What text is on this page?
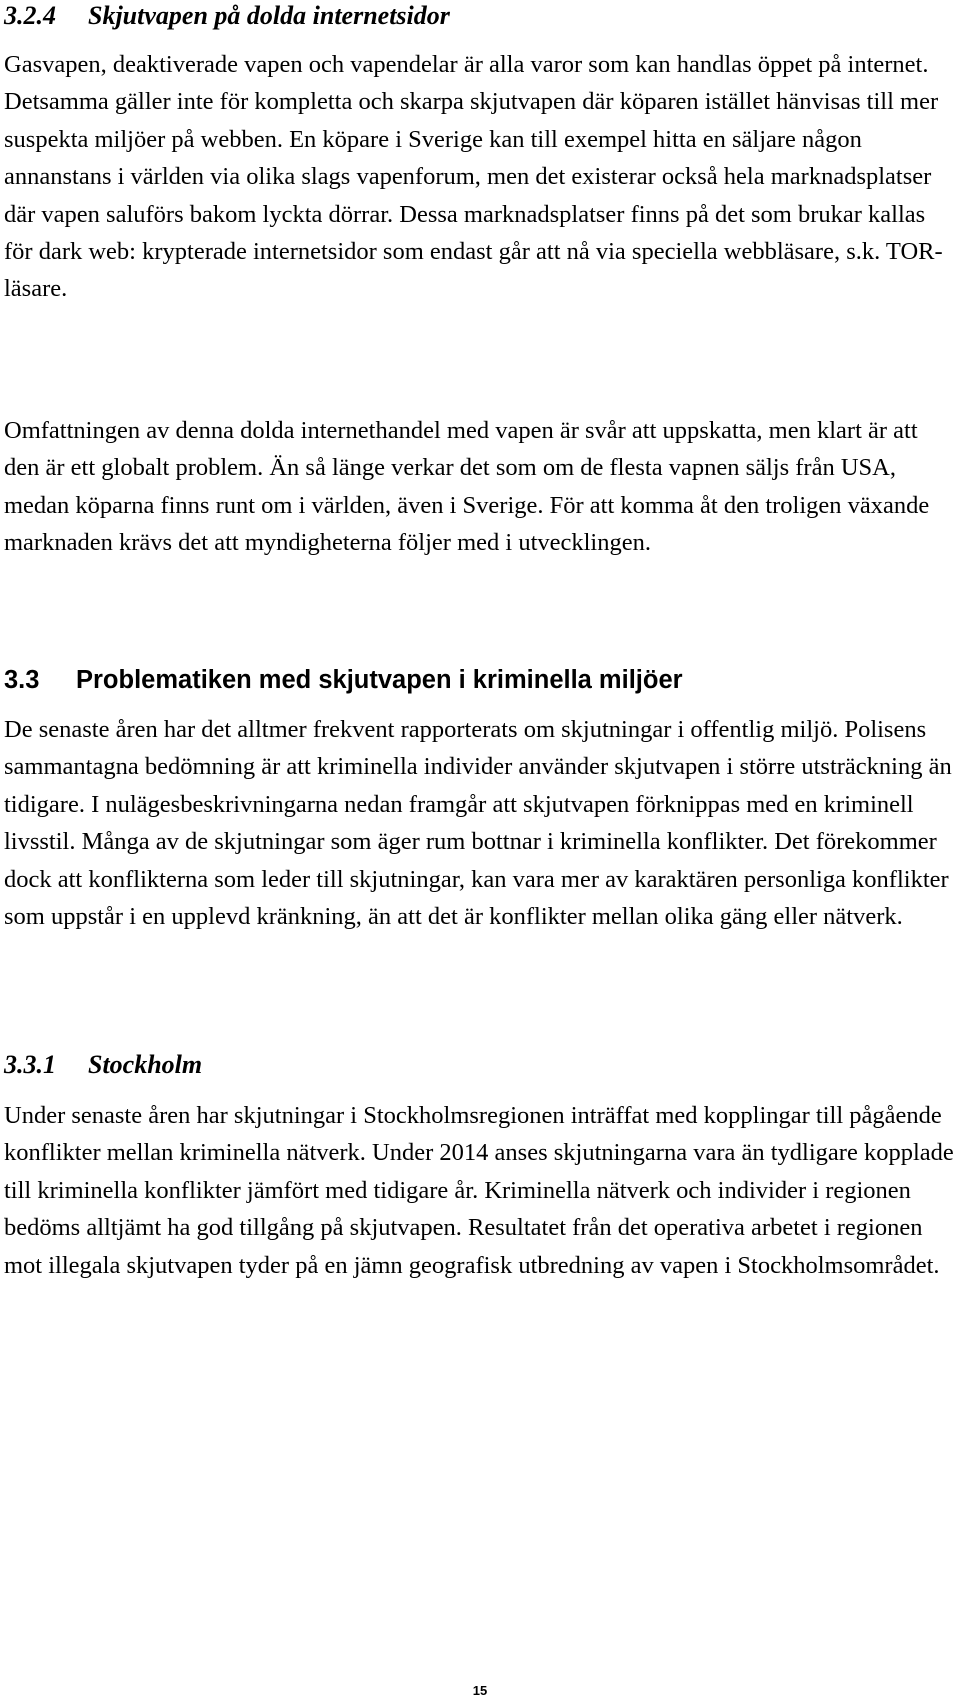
3.2.4 Skjutvapen på dolda internetsidor

Gasvapen, deaktiverade vapen och vapendelar är alla varor som kan handlas öppet på internet. Detsamma gäller inte för kompletta och skarpa skjutvapen där köparen istället hänvisas till mer suspekta miljöer på webben. En köpare i Sverige kan till exempel hitta en säljare någon annanstans i världen via olika slags vapenforum, men det existerar också hela marknadsplatser där vapen saluförs bakom lyckta dörrar. Dessa marknadsplatser finns på det som brukar kallas för dark web: krypterade internetsidor som endast går att nå via speciella webbläsare, s.k. TOR-läsare.

Omfattningen av denna dolda internethandel med vapen är svår att uppskatta, men klart är att den är ett globalt problem. Än så länge verkar det som om de flesta vapnen säljs från USA, medan köparna finns runt om i världen, även i Sverige. För att komma åt den troligen växande marknaden krävs det att myndigheterna följer med i utvecklingen.

3.3 Problematiken med skjutvapen i kriminella miljöer

De senaste åren har det alltmer frekvent rapporterats om skjutningar i offentlig miljö. Polisens sammantagna bedömning är att kriminella individer använder skjutvapen i större utsträckning än tidigare. I nulägesbeskrivningarna nedan framgår att skjutvapen förknippas med en kriminell livsstil. Många av de skjutningar som äger rum bottnar i kriminella konflikter. Det förekommer dock att konflikterna som leder till skjutningar, kan vara mer av karaktären personliga konflikter som uppstår i en upplevd kränkning, än att det är konflikter mellan olika gäng eller nätverk.

3.3.1 Stockholm

Under senaste åren har skjutningar i Stockholmsregionen inträffat med kopplingar till pågående konflikter mellan kriminella nätverk. Under 2014 anses skjutningarna vara än tydligare kopplade till kriminella konflikter jämfört med tidigare år. Kriminella nätverk och individer i regionen bedöms alltjämt ha god tillgång på skjutvapen. Resultatet från det operativa arbetet i regionen mot illegala skjutvapen tyder på en jämn geografisk utbredning av vapen i Stockholmsområdet.

15
